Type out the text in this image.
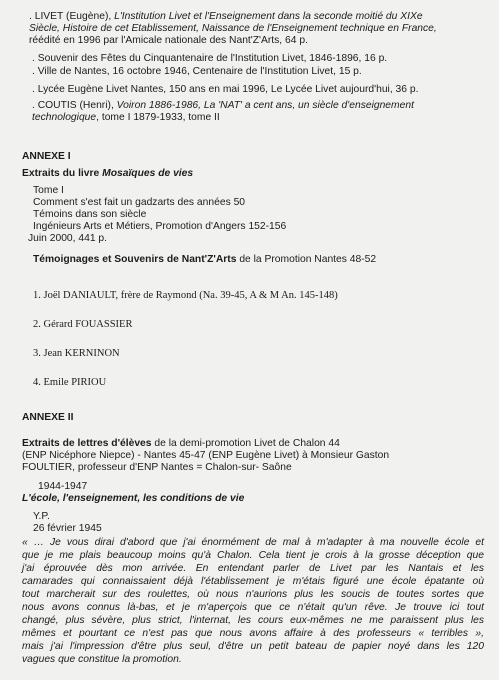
. LIVET (Eugène), L'Institution Livet et l'Enseignement dans la seconde moitié du XIXe
Siècle, Histoire de cet Etablissement, Naissance de l'Enseignement technique en France,
réédité en 1996 par l'Amicale nationale des Nant'Z'Arts, 64 p.
. Souvenir des Fêtes du Cinquantenaire de l'Institution Livet, 1846-1896, 16 p.
. Ville de Nantes, 16 octobre 1946, Centenaire de l'Institution Livet, 15 p.
. Lycée Eugène Livet Nantes, 150 ans en mai 1996, Le Lycée Livet aujourd'hui, 36 p.
. COUTIS (Henri), Voiron 1886-1986, La 'NAT' a cent ans, un siècle d'enseignement
technologique, tome I 1879-1933, tome II
ANNEXE I
Extraits du livre Mosaïques de vies
Tome I
Comment s'est fait un gadzarts des années 50
Témoins dans son siècle
Ingénieurs Arts et Métiers, Promotion d'Angers 152-156
Juin 2000, 441 p.
Témoignages et Souvenirs de Nant'Z'Arts de la Promotion Nantes 48-52
1. Joël DANIAULT, frère de Raymond (Na. 39-45, A & M An. 145-148)
2. Gérard FOUASSIER
3. Jean KERNINON
4. Emile PIRIOU
ANNEXE II
Extraits de lettres d'élèves de la demi-promotion Livet de Chalon 44
(ENP Nicéphore Niepce) - Nantes 45-47 (ENP Eugène Livet) à Monsieur Gaston
FOULTIER, professeur d'ENP Nantes = Chalon-sur- Saône
1944-1947
L'école, l'enseignement, les conditions de vie
Y.P.
26 février 1945
« … Je vous dirai d'abord que j'ai énormément de mal à m'adapter à ma nouvelle école et
que je me plais beaucoup moins qu'à Chalon. Cela tient je crois à la grosse déception que
j'ai éprouvée dès mon arrivée. En entendant parler de Livet par les Nantais et les
camarades qui connaissaient déjà l'établissement je m'étais figuré une école épatante où
tout marcherait sur des roulettes, où nous n'aurions plus les soucis de toutes sortes que
nous avons connus là-bas, et je m'aperçois que ce n'était qu'un rêve. Je trouve ici tout
changé, plus sévère, plus strict, l'internat, les cours eux-mêmes ne me paraissent plus les
mêmes et pourtant ce n'est pas que nous avons affaire à des professeurs « terribles »,
mais j'ai l'impression d'être plus seul, d'être un petit bateau de papier noyé dans les 120
vagues que constitue la promotion.
